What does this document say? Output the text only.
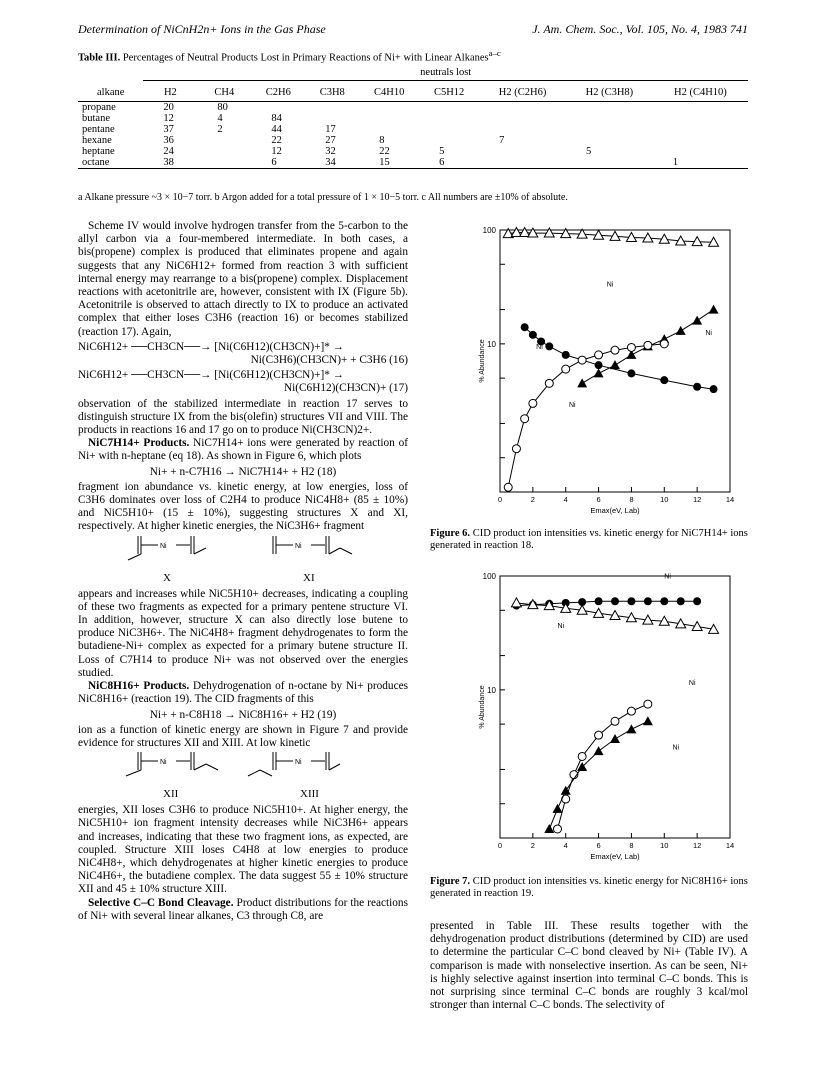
Determination of NiCnH2n+ Ions in the Gas Phase	J. Am. Chem. Soc., Vol. 105, No. 4, 1983 741
Table III. Percentages of Neutral Products Lost in Primary Reactions of Ni+ with Linear Alkanes$^{a-c}$
	neutrals lost								
alkane	H2	CH4	C2H6	C3H8	C4H10	C5H12	H2 (C2H6)	H2 (C3H8)	H2 (C4H10)
propane	20	80							
butane	12	4	84						
pentane	37	2	44	17					
hexane	36		22	27	8		7		
heptane	24		12	32	22	5		5	
octane	38		6	34	15	6			1
a Alkane pressure ~3 × 10−7 torr. b Argon added for a total pressure of 1 × 10−5 torr. c All numbers are ±10% of absolute.

Scheme IV would involve hydrogen transfer from the 5-carbon to the allyl carbon via a four-membered intermediate. In both cases, a bis(propene) complex is produced that eliminates propene and again suggests that any NiC6H12+ formed from reaction 3 with sufficient internal energy may rearrange to a bis(propene) complex. Displacement reactions with acetonitrile are, however, consistent with IX (Figure 5b). Acetonitrile is observed to attach directly to IX to produce an activated complex that either loses C3H6 (reaction 16) or becomes stabilized (reaction 17). Again,

NiC6H12+ ──CH3CN──→ [Ni(C6H12)(CH3CN)+]* →
Ni(C3H6)(CH3CN)+ + C3H6 (16)
NiC6H12+ ──CH3CN──→ [Ni(C6H12)(CH3CN)+]* →
Ni(C6H12)(CH3CN)+ (17)

observation of the stabilized intermediate in reaction 17 serves to distinguish structure IX from the bis(olefin) structures VII and VIII. The products in reactions 16 and 17 go on to produce Ni(CH3CN)2+.

NiC7H14+ Products. NiC7H14+ ions were generated by reaction of Ni+ with n-heptane (eq 18). As shown in Figure 6, which plots

Ni+ + n-C7H16 → NiC7H14+ + H2 (18)

fragment ion abundance vs. kinetic energy, at low energies, loss of C3H6 dominates over loss of C2H4 to produce NiC4H8+ (85 ± 10%) and NiC5H10+ (15 ± 10%), suggesting structures X and XI, respectively. At higher kinetic energies, the NiC3H6+ fragment

Ni	Ni
X	XI

appears and increases while NiC5H10+ decreases, indicating a coupling of these two fragments as expected for a primary pentene structure VI. In addition, however, structure X can also directly lose butene to produce NiC3H6+. The NiC4H8+ fragment dehydrogenates to form the butadiene-Ni+ complex as expected for a primary butene structure II. Loss of C7H14 to produce Ni+ was not observed over the energies studied.

NiC8H16+ Products. Dehydrogenation of n-octane by Ni+ produces NiC8H16+ (reaction 19). The CID fragments of this

Ni+ + n-C8H18 → NiC8H16+ + H2 (19)

ion as a function of kinetic energy are shown in Figure 7 and provide evidence for structures XII and XIII. At low kinetic

Ni	Ni
XII	XIII

energies, XII loses C3H6 to produce NiC5H10+. At higher energy, the NiC5H10+ ion fragment intensity decreases while NiC3H6+ appears and increases, indicating that these two fragment ions, as expected, are coupled. Structure XIII loses C4H8 at low energies to produce NiC4H8+, which dehydrogenates at higher kinetic energies to produce NiC4H6+, the butadiene complex. The data suggest 55 ± 10% structure XII and 45 ± 10% structure XIII.

Selective C–C Bond Cleavage. Product distributions for the reactions of Ni+ with several linear alkanes, C3 through C8, are

100
10
0	2	4	6	8	10	12	14
Emax(eV, Lab)
% Abundance
Ni
Ni
Ni
Ni
Figure 6. CID product ion intensities vs. kinetic energy for NiC7H14+ ions generated in reaction 18.
100
10
0	2	4	6	8	10	12	14
Emax(eV, Lab)
% Abundance
Ni
Ni
Ni
Ni
Figure 7. CID product ion intensities vs. kinetic energy for NiC8H16+ ions generated in reaction 19.

presented in Table III. These results together with the dehydrogenation product distributions (determined by CID) are used to determine the particular C–C bond cleaved by Ni+ (Table IV). A comparison is made with nonselective insertion. As can be seen, Ni+ is highly selective against insertion into terminal C–C bonds. This is not surprising since terminal C–C bonds are roughly 3 kcal/mol stronger than internal C–C bonds. The selectivity of
